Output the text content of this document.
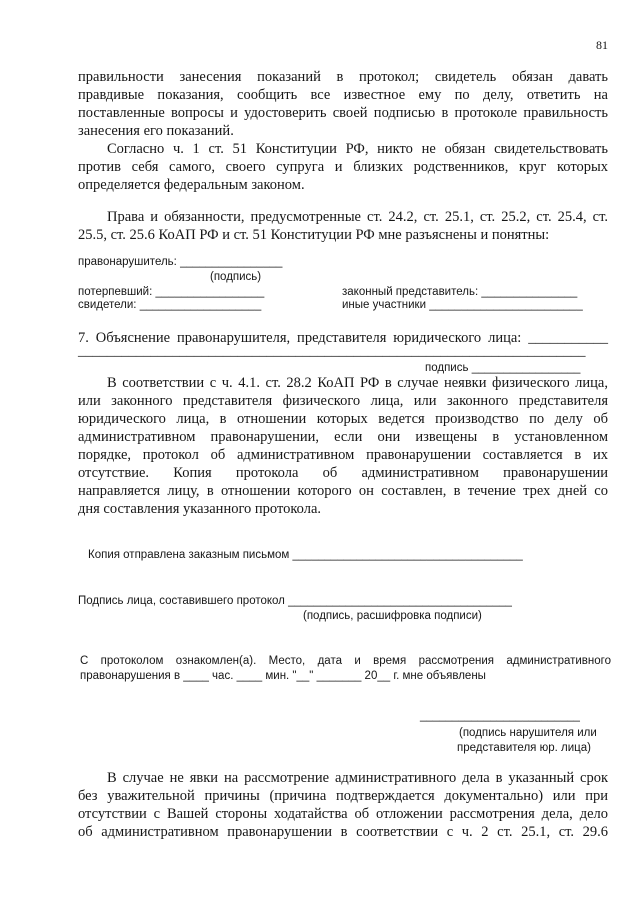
81
правильности занесения показаний в протокол; свидетель обязан давать
правдивые показания, сообщить все известное ему по делу, ответить на
поставленные вопросы и удостоверить своей подписью в протоколе правильность
занесения его показаний.
Согласно ч. 1 ст. 51 Конституции РФ, никто не обязан свидетельствовать
против себя самого, своего супруга и близких родственников, круг которых
определяется федеральным законом.
Права и обязанности, предусмотренные ст. 24.2, ст. 25.1, ст. 25.2, ст. 25.4, ст.
25.5, ст. 25.6 КоАП РФ и ст. 51 Конституции РФ мне разъяснены и понятны:
правонарушитель: ________________
(подпись)
потерпевший: _________________	законный представитель: _______________
свидетели: ___________________	иные участники ________________________
7. Объяснение правонарушителя, представителя юридического лица: ___________
______________________________________________________________________
подпись _________________
В соответствии с ч. 4.1. ст. 28.2 КоАП РФ в случае неявки физического лица,
или законного представителя физического лица, или законного представителя
юридического лица, в отношении которых ведется производство по делу об
административном правонарушении, если они извещены в установленном
порядке, протокол об административном правонарушении составляется в их
отсутствие. Копия протокола об административном правонарушении
направляется лицу, в отношении которого он составлен, в течение трех дней со
дня составления указанного протокола.
Копия отправлена заказным письмом ____________________________________
Подпись лица, составившего протокол ___________________________________
(подпись, расшифровка подписи)
С протоколом ознакомлен(а). Место, дата и время рассмотрения административного
правонарушения в ____ час. ____ мин. "__" _______ 20__ г. мне объявлены
_________________________
(подпись нарушителя или
представителя юр. лица)
В случае не явки на рассмотрение административного дела в указанный срок
без уважительной причины (причина подтверждается документально) или при
отсутствии с Вашей стороны ходатайства об отложении рассмотрения дела, дело
об административном правонарушении в соответствии с ч. 2 ст. 25.1, ст. 29.6
